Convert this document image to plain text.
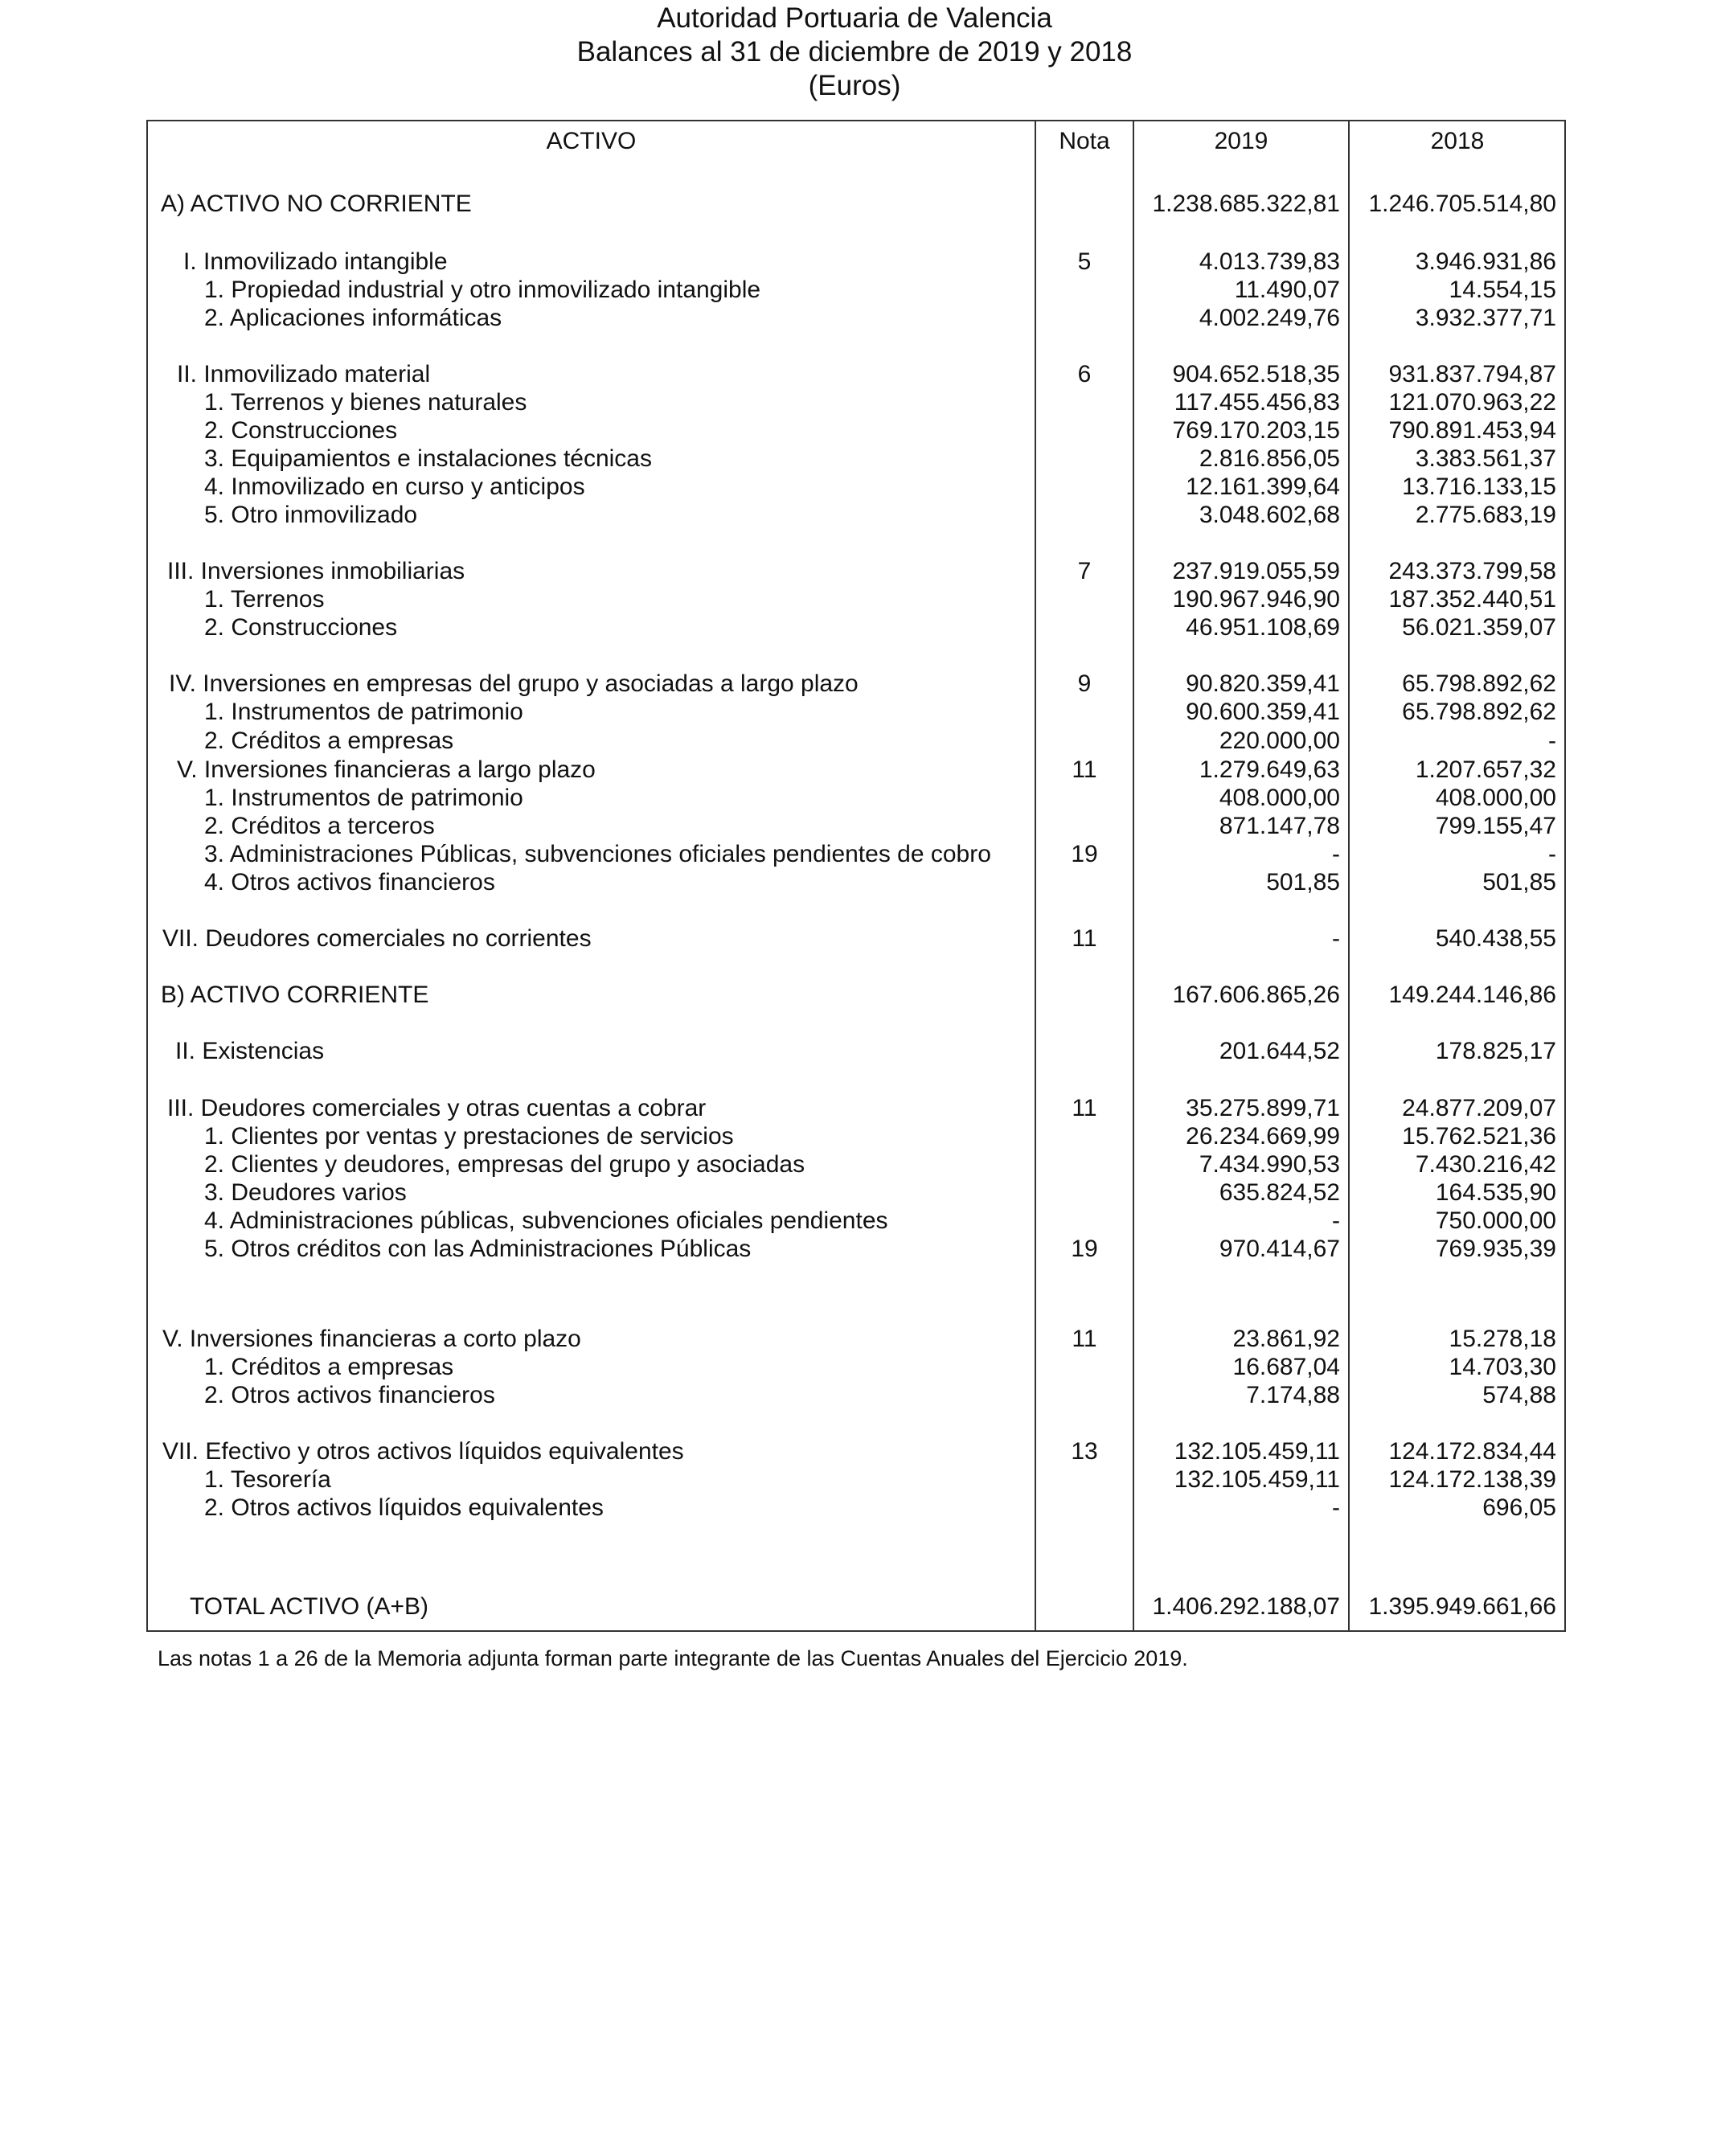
Autoridad Portuaria de Valencia
Balances al 31 de diciembre de 2019 y 2018
(Euros)
ACTIVO	Nota	2019	2018
A) ACTIVO NO CORRIENTE	1.238.685.322,81 1.246.705.514,80
I. Inmovilizado intangible	5	4.013.739,83	3.946.931,86
1. Propiedad industrial y otro inmovilizado intangible	11.490,07	14.554,15
2. Aplicaciones informáticas	4.002.249,76	3.932.377,71
II. Inmovilizado material	6	904.652.518,35 931.837.794,87
1. Terrenos y bienes naturales	117.455.456,83 121.070.963,22
2. Construcciones	769.170.203,15 790.891.453,94
3. Equipamientos e instalaciones técnicas	2.816.856,05	3.383.561,37
4. Inmovilizado en curso y anticipos	12.161.399,64	13.716.133,15
5. Otro inmovilizado	3.048.602,68	2.775.683,19
III. Inversiones inmobiliarias	7	237.919.055,59 243.373.799,58
1. Terrenos	190.967.946,90 187.352.440,51
2. Construcciones	46.951.108,69	56.021.359,07
IV. Inversiones en empresas del grupo y asociadas a largo plazo	9	90.820.359,41	65.798.892,62
1. Instrumentos de patrimonio	90.600.359,41	65.798.892,62
2. Créditos a empresas	220.000,00	-
V. Inversiones financieras a largo plazo	11	1.279.649,63	1.207.657,32
1. Instrumentos de patrimonio	408.000,00	408.000,00
2. Créditos a terceros	871.147,78	799.155,47
3. Administraciones Públicas, subvenciones oficiales pendientes de cobro	19	-	-
4. Otros activos financieros	501,85	501,85
VII. Deudores comerciales no corrientes	11	-	540.438,55
B) ACTIVO CORRIENTE	167.606.865,26 149.244.146,86
II. Existencias	201.644,52	178.825,17
III. Deudores comerciales y otras cuentas a cobrar	11	35.275.899,71	24.877.209,07
1. Clientes por ventas y prestaciones de servicios	26.234.669,99	15.762.521,36
2. Clientes y deudores, empresas del grupo y asociadas	7.434.990,53	7.430.216,42
3. Deudores varios	635.824,52	164.535,90
4. Administraciones públicas, subvenciones oficiales pendientes	-	750.000,00
5. Otros créditos con las Administraciones Públicas	19	970.414,67	769.935,39
V. Inversiones financieras a corto plazo	11	23.861,92	15.278,18
1. Créditos a empresas	16.687,04	14.703,30
2. Otros activos financieros	7.174,88	574,88
VII. Efectivo y otros activos líquidos equivalentes	13	132.105.459,11 124.172.834,44
1. Tesorería	132.105.459,11 124.172.138,39
2. Otros activos líquidos equivalentes	-	696,05
TOTAL ACTIVO (A+B)	1.406.292.188,07 1.395.949.661,66
Las notas 1 a 26 de la Memoria adjunta forman parte integrante de las Cuentas Anuales del Ejercicio 2019.
